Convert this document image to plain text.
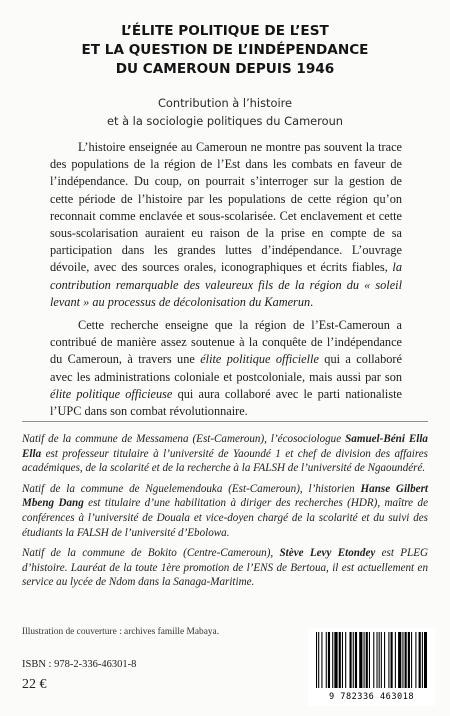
L’ÉLITE POLITIQUE DE L’EST
ET LA QUESTION DE L’INDÉPENDANCE
DU CAMEROUN DEPUIS 1946
Contribution à l’histoire
et à la sociologie politiques du Cameroun

L’histoire enseignée au Cameroun ne montre pas souvent la trace des populations de la région de l’Est dans les combats en faveur de l’indépendance. Du coup, on pourrait s’interroger sur la gestion de cette période de l’histoire par les populations de cette région qu’on reconnait comme enclavée et sous-scolarisée. Cet enclavement et cette sous-scolarisation auraient eu raison de la prise en compte de sa participation dans les grandes luttes d’indépendance. L’ouvrage dévoile, avec des sources orales, iconographiques et écrits fiables, la contribution remarquable des valeureux fils de la région du « soleil levant » au processus de décolonisation du Kamerun.

Cette recherche enseigne que la région de l’Est-Cameroun a contribué de manière assez soutenue à la conquête de l’indépendance du Cameroun, à travers une élite politique officielle qui a collaboré avec les administrations coloniale et postcoloniale, mais aussi par son élite politique officieuse qui aura collaboré avec le parti nationaliste l’UPC dans son combat révolutionnaire.

Natif de la commune de Messamena (Est-Cameroun), l’écosociologue Samuel-Béni Ella Ella est professeur titulaire à l’université de Yaoundé 1 et chef de division des affaires académiques, de la scolarité et de la recherche à la FALSH de l’université de Ngaoundéré.

Natif de la commune de Nguelemendouka (Est-Cameroun), l’historien Hanse Gilbert Mbeng Dang est titulaire d’une habilitation à diriger des recherches (HDR), maître de conférences à l’université de Douala et vice-doyen chargé de la scolarité et du suivi des étudiants la FALSH de l’université d’Ebolowa.

Natif de la commune de Bokito (Centre-Cameroun), Stève Levy Etondey est PLEG d’histoire. Lauréat de la toute 1ère promotion de l’ENS de Bertoua, il est actuellement en service au lycée de Ndom dans la Sanaga-Maritime.

Illustration de couverture : archives famille Mabaya.
ISBN : 978-2-336-46301-8
22 €
9 782336 463018
